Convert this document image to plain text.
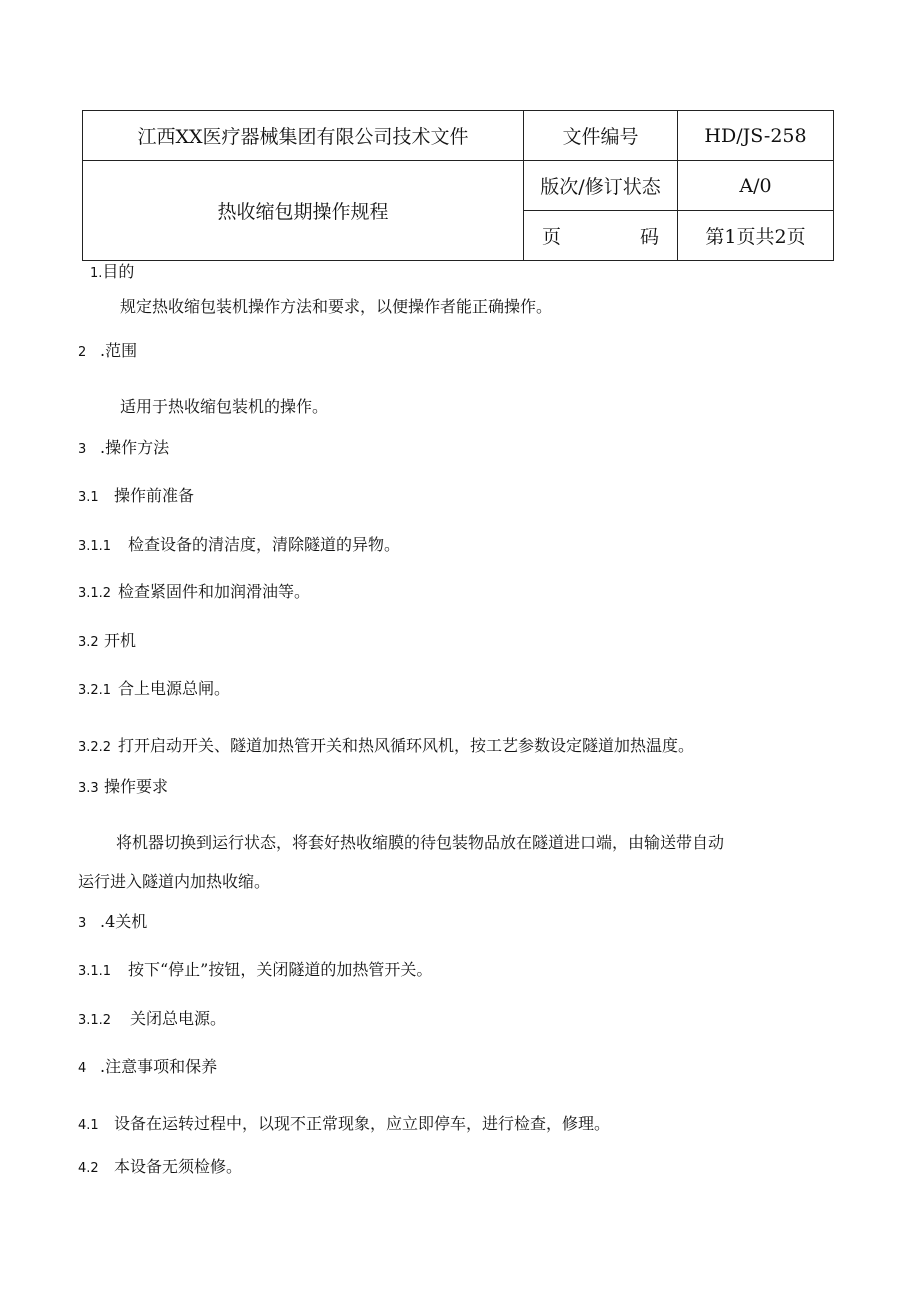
江西XX医疗器械集团有限公司技术文件	文件编号	HD/JS-258
热收缩包期操作规程	版次/修订状态	A/0

	页 码	第1页共2页
1.目的
规定热收缩包装机操作方法和要求，以便操作者能正确操作。
2 .范围
适用于热收缩包装机的操作。
3 .操作方法
3.1 操作前准备
3.1.1 检查设备的清洁度，清除隧道的异物。
3.1.2 检查紧固件和加润滑油等。
3.2 开机
3.2.1 合上电源总闸。
3.2.2 打开启动开关、隧道加热管开关和热风循环风机，按工艺参数设定隧道加热温度。
3.3 操作要求
将机器切换到运行状态，将套好热收缩膜的待包装物品放在隧道进口端，由输送带自动
运行进入隧道内加热收缩。
3 .4关机
3.1.1 按下“停止”按钮，关闭隧道的加热管开关。
3.1.2 关闭总电源。
4 .注意事项和保养
4.1 设备在运转过程中，以现不正常现象，应立即停车，进行检查，修理。
4.2 本设备无须检修。
